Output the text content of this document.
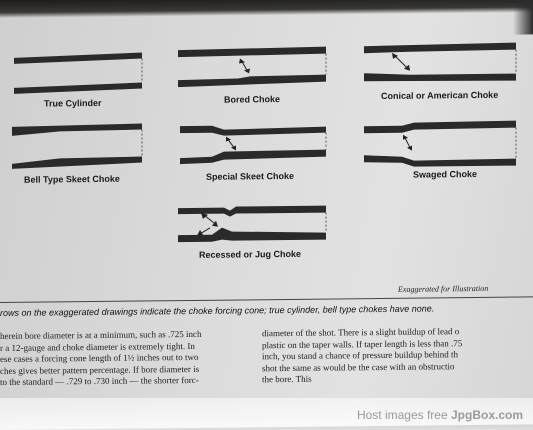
True Cylinder	Bored Choke	Conical or American Choke
Bell Type Skeet Choke	Special Skeet Choke	Swaged Choke
Recessed or Jug Choke
Exaggerated for Illustration
rows on the exaggerated drawings indicate the choke forcing cone; true cylinder, bell type chokes have none.
herein bore diameter is at a minimum, such as .725 inch
r a 12-gauge and choke diameter is extremely tight. In
ese cases a forcing cone length of 1½ inches out to two
ches gives better pattern percentage. If bore diameter is
to the standard — .729 to .730 inch — the shorter forc-
diameter of the shot. There is a slight buildup of lead o
plastic on the taper walls. If taper length is less than .75
inch, you stand a chance of pressure buildup behind th
shot the same as would be the case with an obstructio
the bore. This
Host images free JpgBox.com
